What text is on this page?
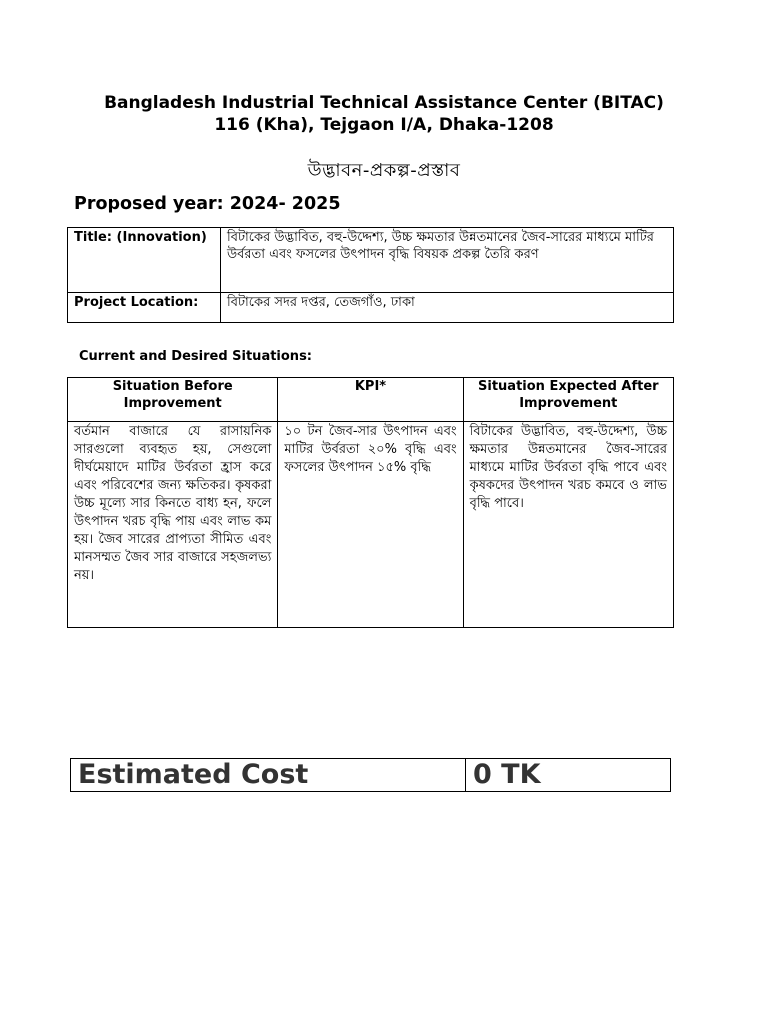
Bangladesh Industrial Technical Assistance Center (BITAC)
116 (Kha), Tejgaon I/A, Dhaka-1208
উদ্ভাবন-প্রকল্প-প্রস্তাব
Proposed year: 2024- 2025
Title: (Innovation)	বিটাকের উদ্ভাবিত, বহু-উদ্দেশ্য, উচ্চ ক্ষমতার উন্নতমানের জৈব-সারের মাধ্যমে মাটির উর্বরতা এবং ফসলের উৎপাদন বৃদ্ধি বিষয়ক প্রকল্প তৈরি করণ
Project Location:	বিটাকের সদর দপ্তর, তেজগাঁও, ঢাকা
Current and Desired Situations:
Situation Before Improvement	KPI*	Situation Expected After Improvement
বর্তমান বাজারে যে রাসায়নিক সারগুলো ব্যবহৃত হয়, সেগুলো দীর্ঘমেয়াদে মাটির উর্বরতা হ্রাস করে এবং পরিবেশের জন্য ক্ষতিকর। কৃষকরা উচ্চ মূল্যে সার কিনতে বাধ্য হন, ফলে উৎপাদন খরচ বৃদ্ধি পায় এবং লাভ কম হয়। জৈব সারের প্রাপ্যতা সীমিত এবং মানসম্মত জৈব সার বাজারে সহজলভ্য নয়।	১০ টন জৈব-সার উৎপাদন এবং মাটির উর্বরতা ২০% বৃদ্ধি এবং ফসলের উৎপাদন ১৫% বৃদ্ধি	বিটাকের উদ্ভাবিত, বহু-উদ্দেশ্য, উচ্চ ক্ষমতার উন্নতমানের জৈব-সারের মাধ্যমে মাটির উর্বরতা বৃদ্ধি পাবে এবং কৃষকদের উৎপাদন খরচ কমবে ও লাভ বৃদ্ধি পাবে।
Estimated Cost	0 TK
